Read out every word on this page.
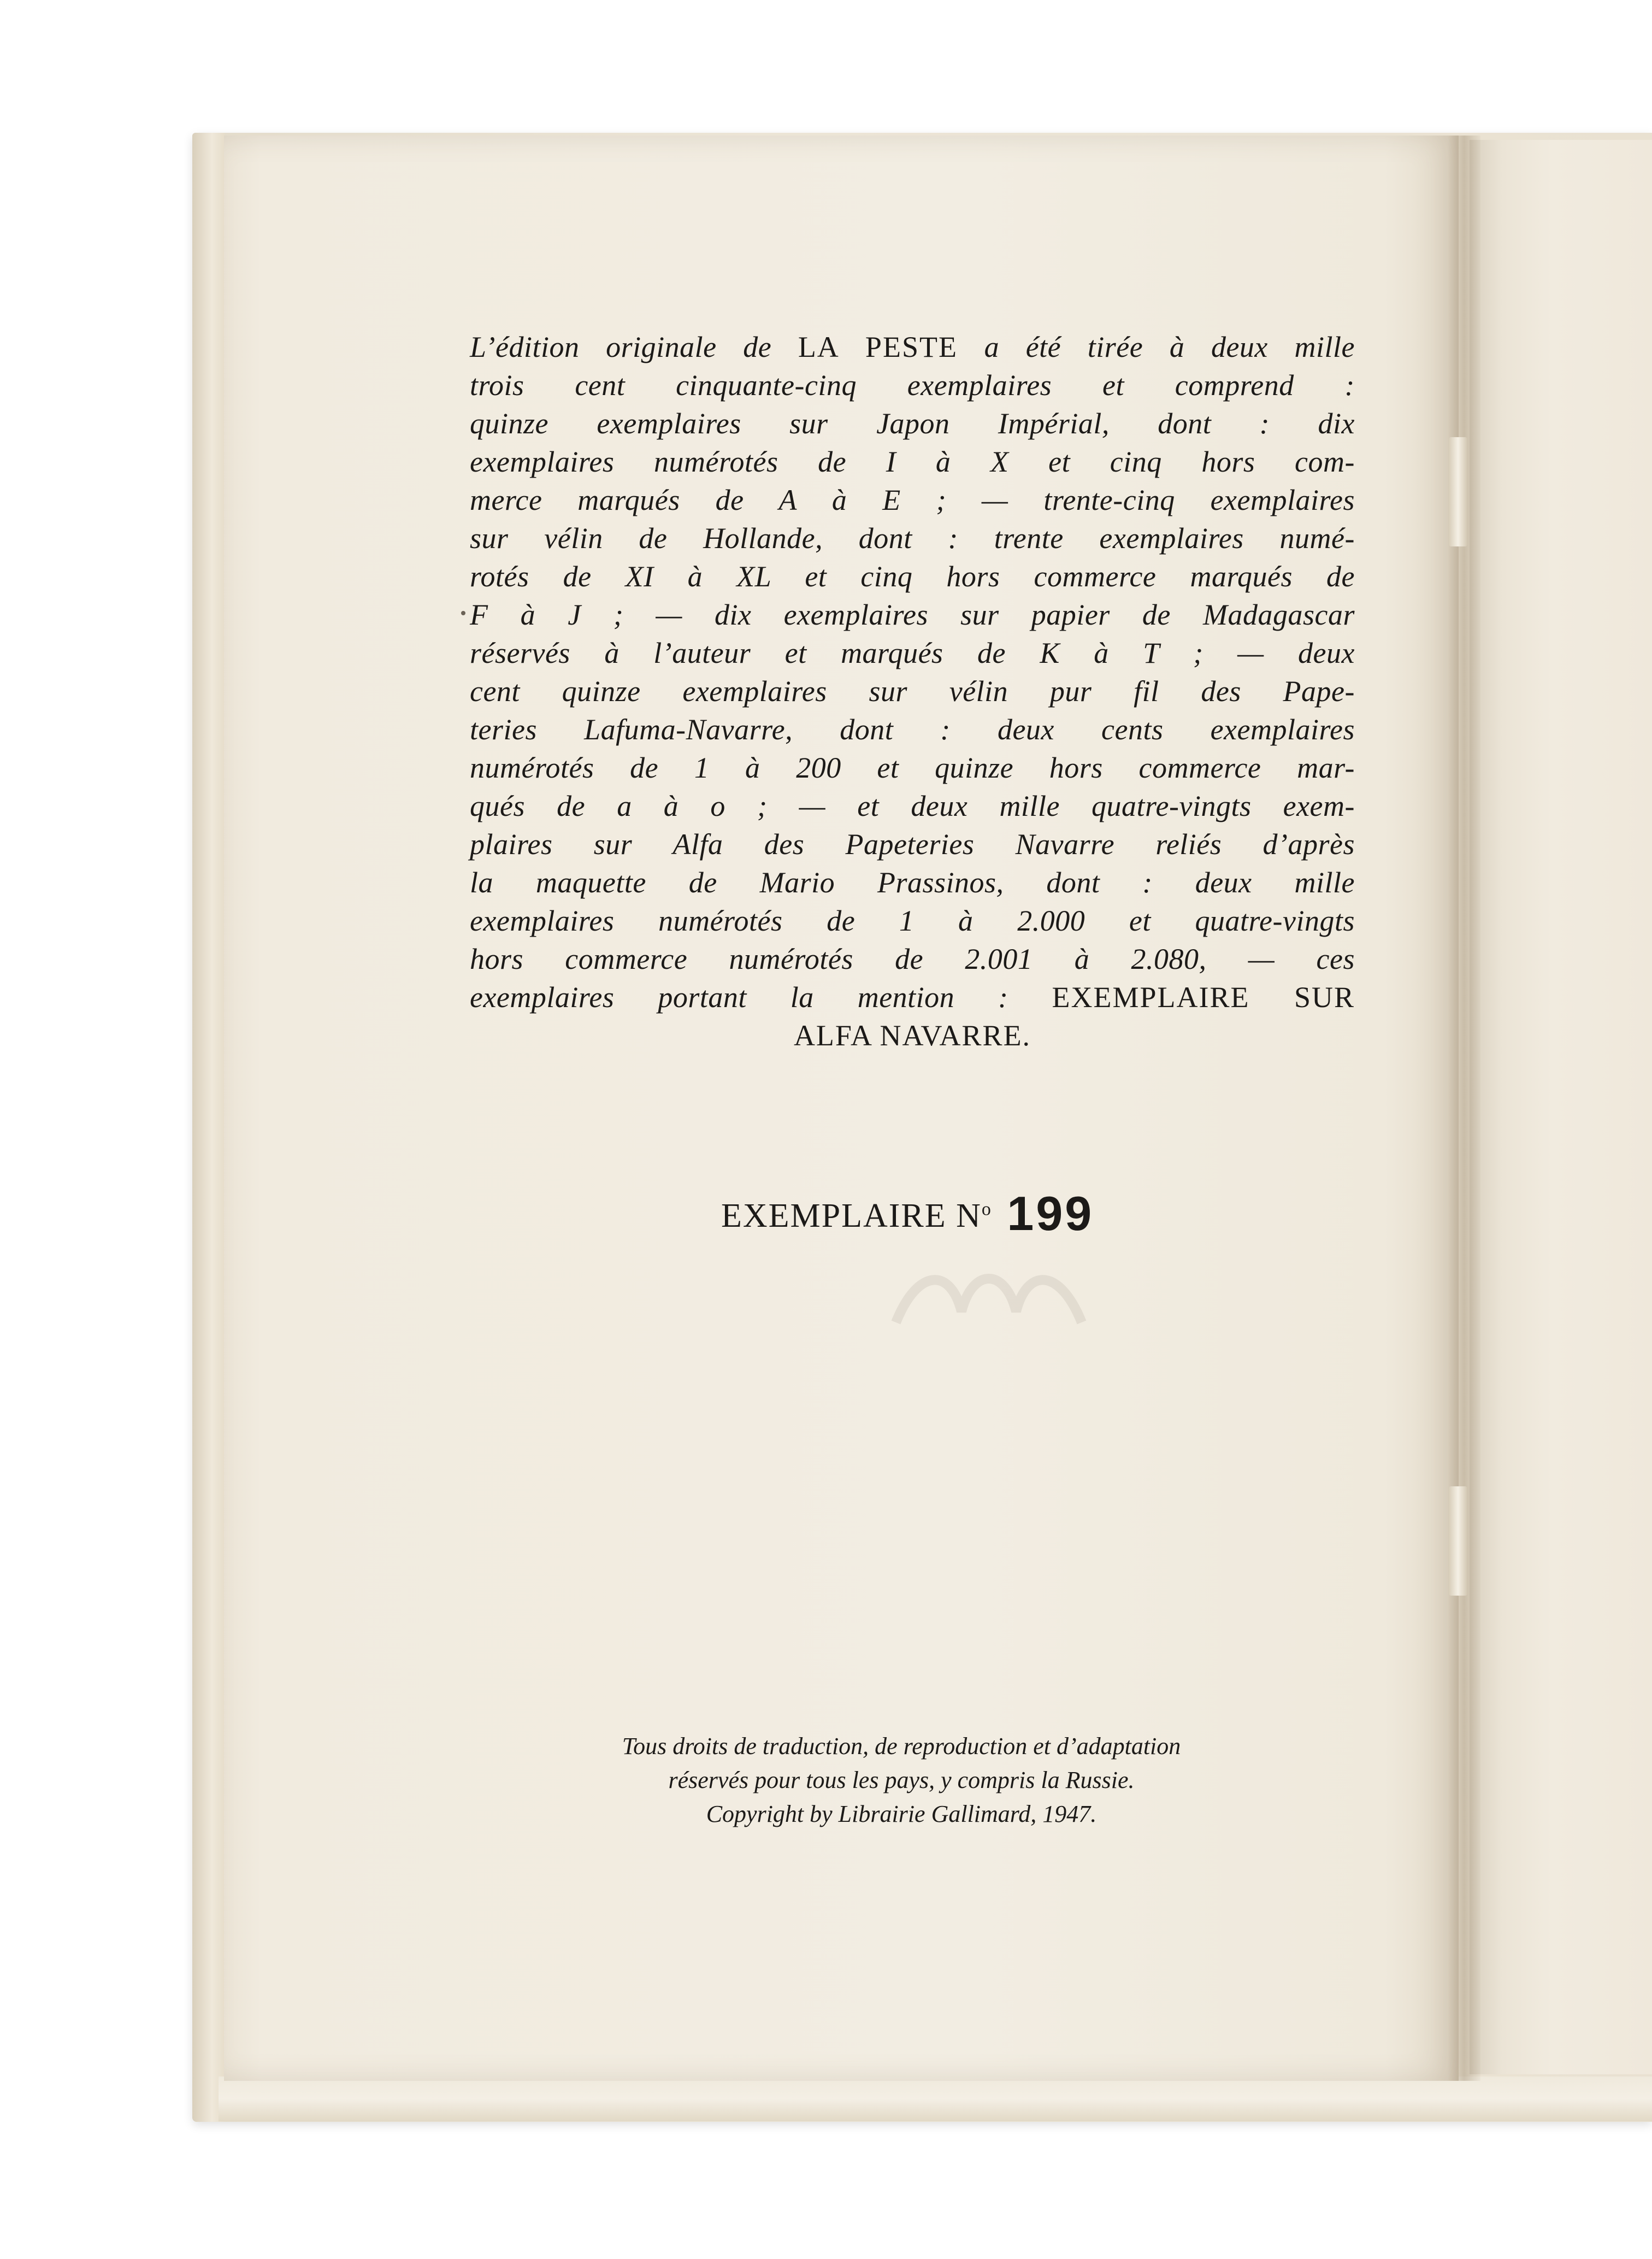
L’édition originale de LA PESTE a été tirée à deux mille
trois cent cinquante-cinq exemplaires et comprend :
quinze exemplaires sur Japon Impérial, dont : dix
exemplaires numérotés de I à X et cinq hors com-
merce marqués de A à E ; — trente-cinq exemplaires
sur vélin de Hollande, dont : trente exemplaires numé-
rotés de XI à XL et cinq hors commerce marqués de
F à J ; — dix exemplaires sur papier de Madagascar
réservés à l’auteur et marqués de K à T ; — deux
cent quinze exemplaires sur vélin pur fil des Pape-
teries Lafuma-Navarre, dont : deux cents exemplaires
numérotés de 1 à 200 et quinze hors commerce mar-
qués de a à o ; — et deux mille quatre-vingts exem-
plaires sur Alfa des Papeteries Navarre reliés d’après
la maquette de Mario Prassinos, dont : deux mille
exemplaires numérotés de 1 à 2.000 et quatre-vingts
hors commerce numérotés de 2.001 à 2.080, — ces
exemplaires portant la mention : EXEMPLAIRE SUR
ALFA NAVARRE.
EXEMPLAIRE $N^o$ 199
Tous droits de traduction, de reproduction et d’adaptation
réservés pour tous les pays, y compris la Russie.
Copyright by Librairie Gallimard, 1947.
